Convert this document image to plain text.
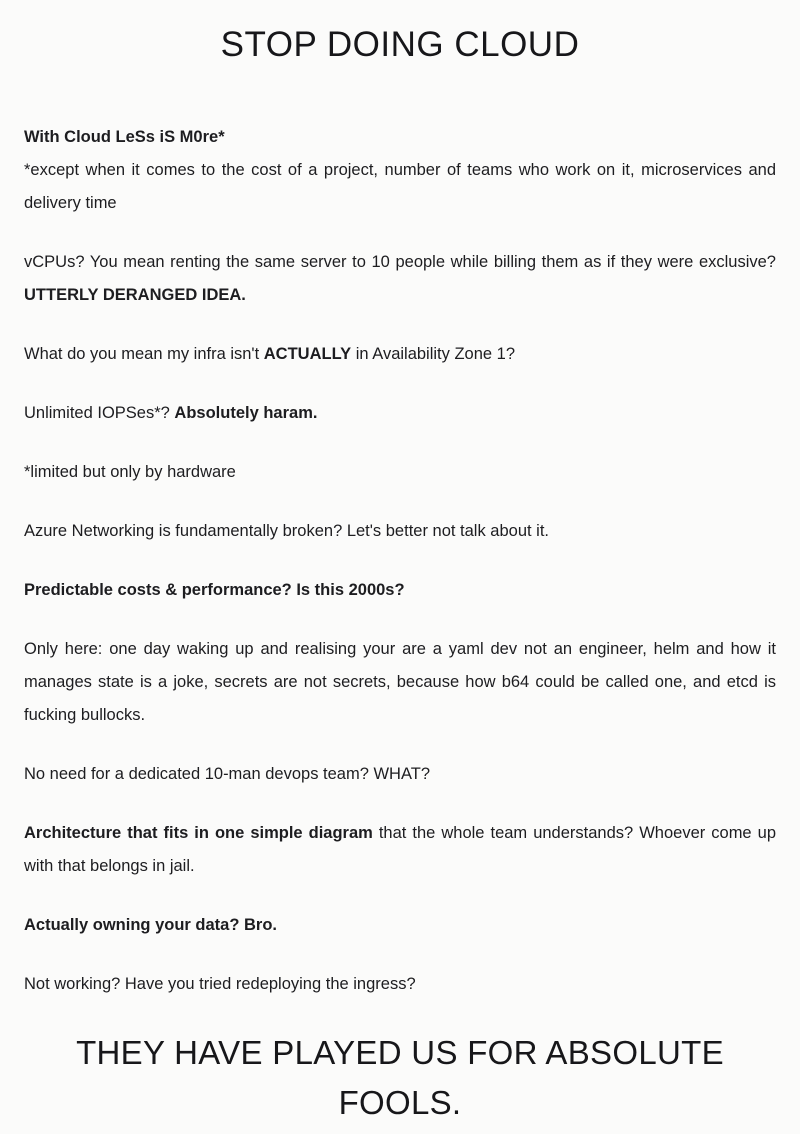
STOP DOING CLOUD

With Cloud LeSs iS M0re*

*except when it comes to the cost of a project, number of teams who work on it, microservices and delivery time

vCPUs? You mean renting the same server to 10 people while billing them as if they were exclusive? UTTERLY DERANGED IDEA.

What do you mean my infra isn't ACTUALLY in Availability Zone 1?

Unlimited IOPSes*? Absolutely haram.

*limited but only by hardware

Azure Networking is fundamentally broken? Let's better not talk about it.

Predictable costs & performance? Is this 2000s?

Only here: one day waking up and realising your are a yaml dev not an engineer, helm and how it manages state is a joke, secrets are not secrets, because how b64 could be called one, and etcd is fucking bullocks.

No need for a dedicated 10-man devops team? WHAT?

Architecture that fits in one simple diagram that the whole team understands? Whoever come up with that belongs in jail.

Actually owning your data? Bro.

Not working? Have you tried redeploying the ingress?

THEY HAVE PLAYED US FOR ABSOLUTE FOOLS.
